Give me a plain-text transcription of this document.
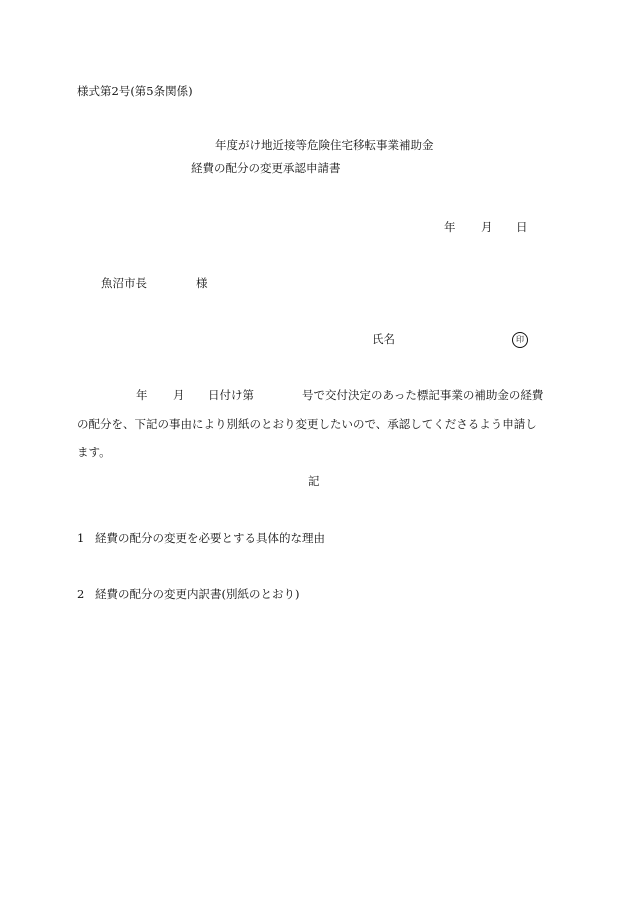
様式第2号(第5条関係)
年度がけ地近接等危険住宅移転事業補助金
経費の配分の変更承認申請書
年 月 日
魚沼市長	様
氏名	印
年 月 日付け第	号で交付決定のあった標記事業の補助金の経費
の配分を、下記の事由により別紙のとおり変更したいので、承認してくださるよう申請し
ます。
記
1 経費の配分の変更を必要とする具体的な理由
2 経費の配分の変更内訳書(別紙のとおり)
